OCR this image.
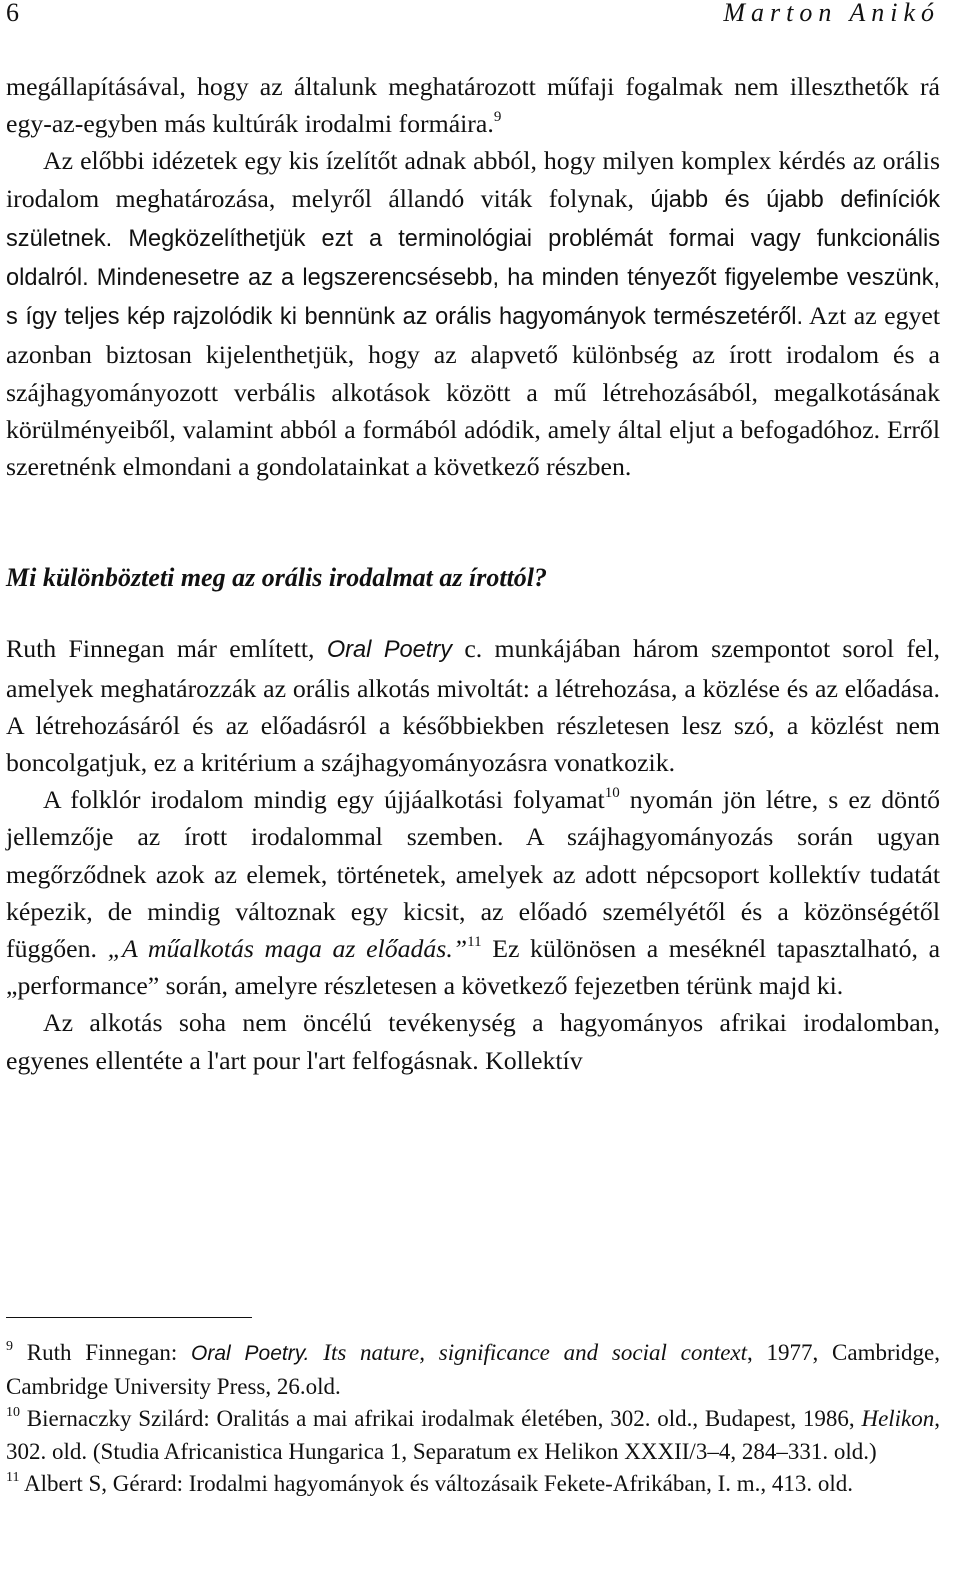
6	Marton Anikó

megállapításával, hogy az általunk meghatározott műfaji fogalmak nem illeszthetők rá egy-az-egyben más kultúrák irodalmi formáira.$^9$

Az előbbi idézetek egy kis ízelítőt adnak abból, hogy milyen komplex kérdés az orális irodalom meghatározása, melyről állandó viták folynak, újabb és újabb definíciók születnek. Megközelíthetjük ezt a terminológiai problémát formai vagy funkcionális oldalról. Mindenesetre az a legszerencsésebb, ha minden tényezőt figyelembe veszünk, s így teljes kép rajzolódik ki bennünk az orális hagyományok természetéről. Azt az egyet azonban biztosan kijelenthetjük, hogy az alapvető különbség az írott irodalom és a szájhagyományozott verbális alkotások között a mű létrehozásából, megalkotásának körülményeiből, valamint abból a formából adódik, amely által eljut a befogadóhoz. Erről szeretnénk elmondani a gondolatainkat a következő részben.

Mi különbözteti meg az orális irodalmat az írottól?

Ruth Finnegan már említett, Oral Poetry c. munkájában három szempontot sorol fel, amelyek meghatározzák az orális alkotás mivoltát: a létrehozása, a közlése és az előadása. A létrehozásáról és az előadásról a későbbiekben részletesen lesz szó, a közlést nem boncolgatjuk, ez a kritérium a szájhagyományozásra vonatkozik.

A folklór irodalom mindig egy újjáalkotási folyamat$^{10}$ nyomán jön létre, s ez döntő jellemzője az írott irodalommal szemben. A szájhagyományozás során ugyan megőrződnek azok az elemek, történetek, amelyek az adott népcsoport kollektív tudatát képezik, de mindig változnak egy kicsit, az előadó személyétől és a közönségétől függően. „A műalkotás maga az előadás.”$^{11}$ Ez különösen a meséknél tapasztalható, a „performance” során, amelyre részletesen a következő fejezetben térünk majd ki.

Az alkotás soha nem öncélú tevékenység a hagyományos afrikai irodalomban, egyenes ellentéte a l'art pour l'art felfogásnak. Kollektív

$^9$ Ruth Finnegan: Oral Poetry. Its nature, significance and social context, 1977, Cambridge, Cambridge University Press, 26.old.

$^{10}$ Biernaczky Szilárd: Oralitás a mai afrikai irodalmak életében, 302. old., Budapest, 1986, Helikon, 302. old. (Studia Africanistica Hungarica 1, Separatum ex Helikon XXXII/3–4, 284–331. old.)

$^{11}$ Albert S, Gérard: Irodalmi hagyományok és változásaik Fekete-Afrikában, I. m., 413. old.
